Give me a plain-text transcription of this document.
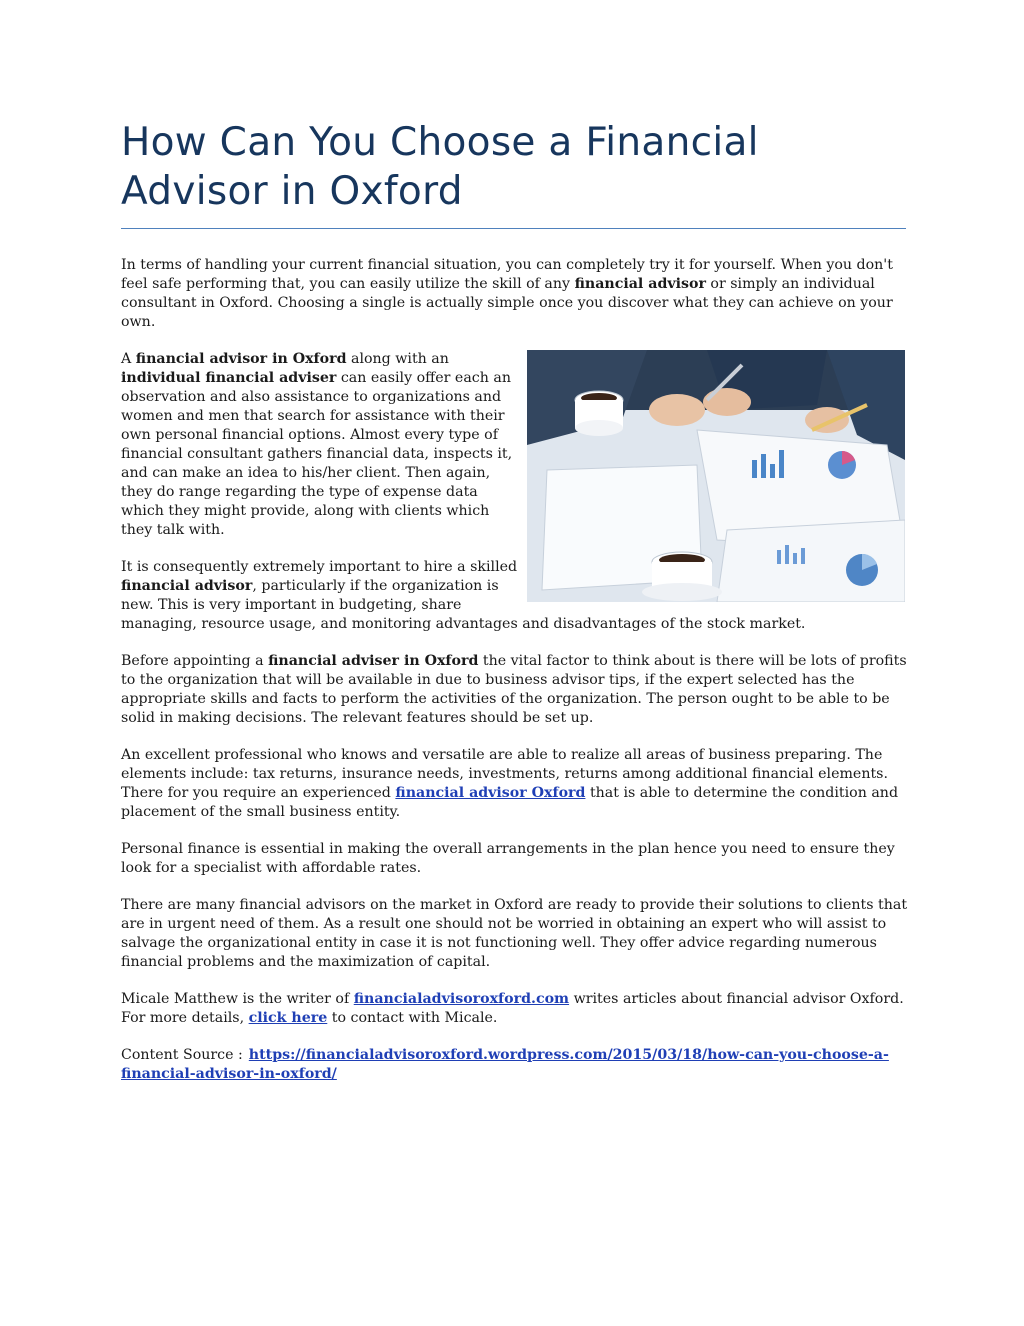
How Can You Choose a Financial Advisor in Oxford

In terms of handling your current financial situation, you can completely try it for yourself. When you don't feel safe performing that, you can easily utilize the skill of any financial advisor or simply an individual consultant in Oxford. Choosing a single is actually simple once you discover what they can achieve on your own.

A financial advisor in Oxford along with an individual financial adviser can easily offer each an observation and also assistance to organizations and women and men that search for assistance with their own personal financial options. Almost every type of financial consultant gathers financial data, inspects it, and can make an idea to his/her client. Then again, they do range regarding the type of expense data which they might provide, along with clients which they talk with.

It is consequently extremely important to hire a skilled financial advisor, particularly if the organization is new. This is very important in budgeting, share managing, resource usage, and monitoring advantages and disadvantages of the stock market.

Before appointing a financial adviser in Oxford the vital factor to think about is there will be lots of profits to the organization that will be available in due to business advisor tips, if the expert selected has the appropriate skills and facts to perform the activities of the organization. The person ought to be able to be solid in making decisions. The relevant features should be set up.

An excellent professional who knows and versatile are able to realize all areas of business preparing. The elements include: tax returns, insurance needs, investments, returns among additional financial elements. There for you require an experienced financial advisor Oxford that is able to determine the condition and placement of the small business entity.

Personal finance is essential in making the overall arrangements in the plan hence you need to ensure they look for a specialist with affordable rates.

There are many financial advisors on the market in Oxford are ready to provide their solutions to clients that are in urgent need of them. As a result one should not be worried in obtaining an expert who will assist to salvage the organizational entity in case it is not functioning well. They offer advice regarding numerous financial problems and the maximization of capital.

Micale Matthew is the writer of financialadvisoroxford.com writes articles about financial advisor Oxford. For more details, click here to contact with Micale.

Content Source : https://financialadvisoroxford.wordpress.com/2015/03/18/how-can-you-choose-a-financial-advisor-in-oxford/
